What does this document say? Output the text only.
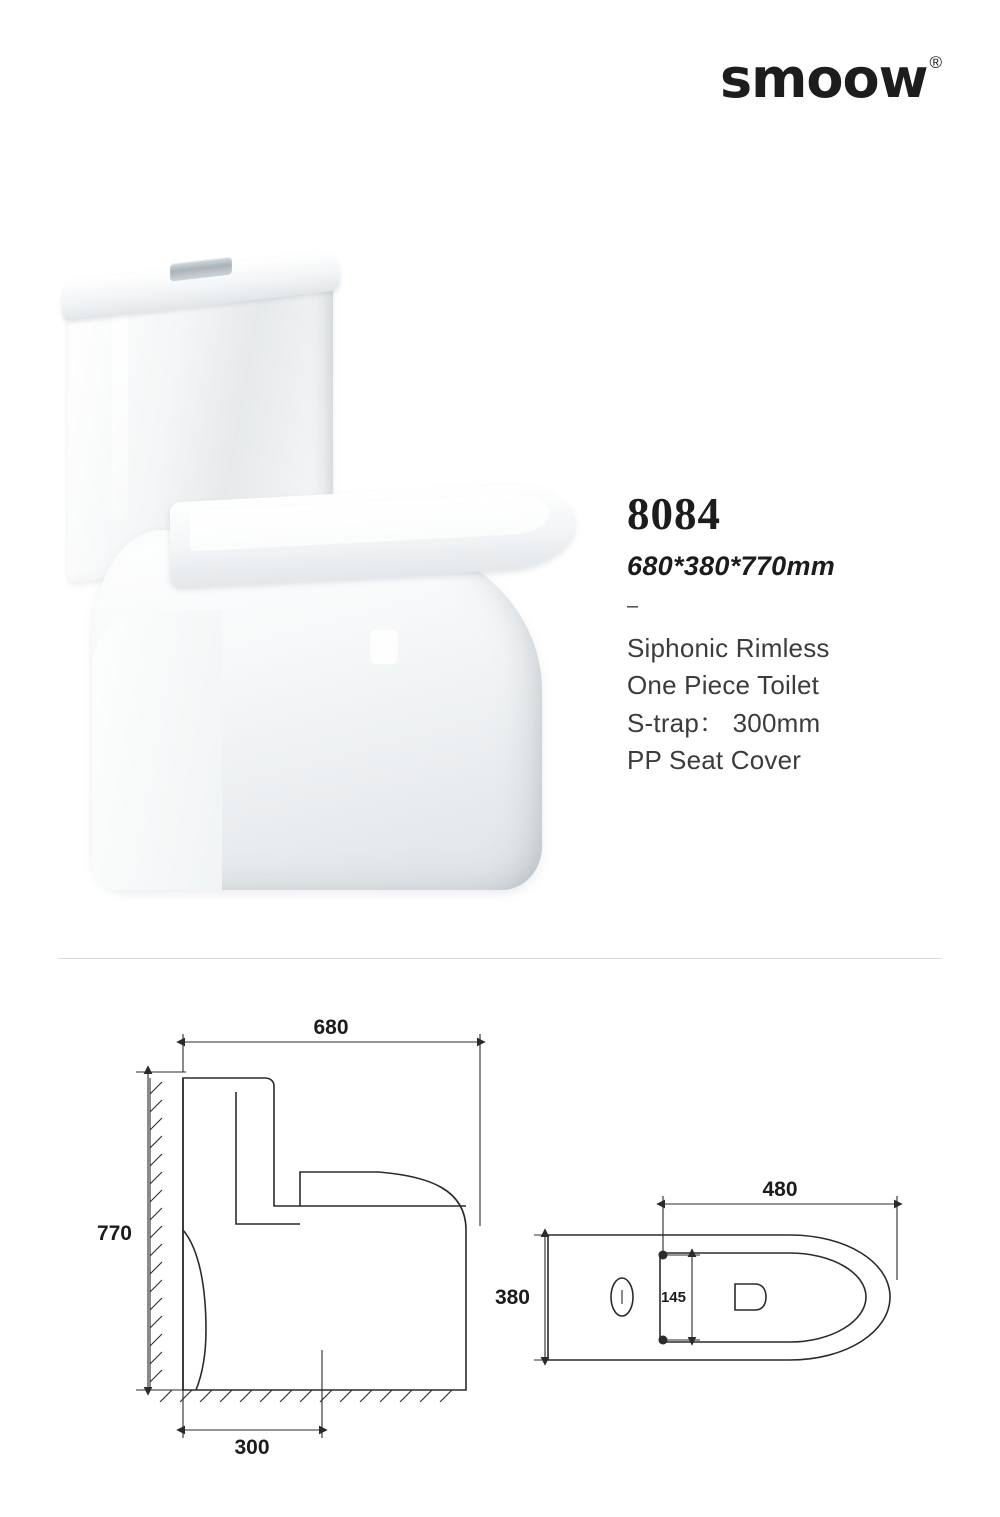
smoow ®
8084
680*380*770mm
–
Siphonic Rimless
One Piece Toilet
S-trap： 300mm
PP Seat Cover
680
770
300
480
380	145
